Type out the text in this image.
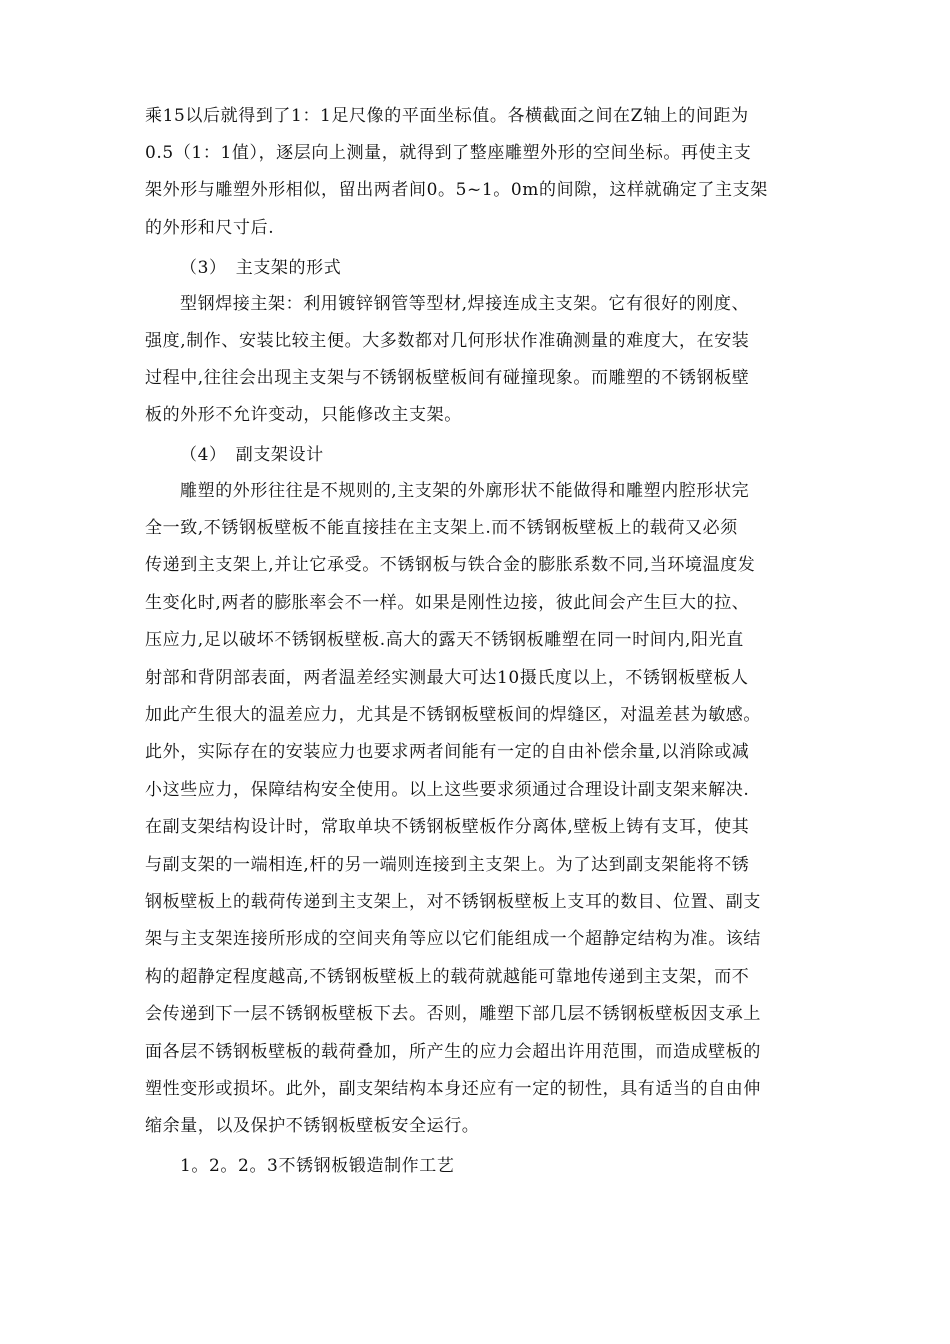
乘15以后就得到了1：1足尺像的平面坐标值。各横截面之间在Z轴上的间距为
0.5（1：1值），逐层向上测量，就得到了整座雕塑外形的空间坐标。再使主支
架外形与雕塑外形相似，留出两者间0。5~1。0m的间隙，这样就确定了主支架
的外形和尺寸后.
（3）　主支架的形式
型钢焊接主架：利用镀锌钢管等型材,焊接连成主支架。它有很好的刚度、
强度,制作、安装比较主便。大多数都对几何形状作准确测量的难度大，在安装
过程中,往往会出现主支架与不锈钢板壁板间有碰撞现象。而雕塑的不锈钢板壁
板的外形不允许变动，只能修改主支架。
（4）　副支架设计
雕塑的外形往往是不规则的,主支架的外廓形状不能做得和雕塑内腔形状完
全一致,不锈钢板壁板不能直接挂在主支架上.而不锈钢板壁板上的载荷又必须
传递到主支架上,并让它承受。不锈钢板与铁合金的膨胀系数不同,当环境温度发
生变化时,两者的膨胀率会不一样。如果是刚性边接，彼此间会产生巨大的拉、
压应力,足以破坏不锈钢板壁板.高大的露天不锈钢板雕塑在同一时间内,阳光直
射部和背阴部表面，两者温差经实测最大可达10摄氏度以上，不锈钢板壁板人
加此产生很大的温差应力，尤其是不锈钢板壁板间的焊缝区，对温差甚为敏感。
此外，实际存在的安装应力也要求两者间能有一定的自由补偿余量,以消除或减
小这些应力，保障结构安全使用。以上这些要求须通过合理设计副支架来解决.
在副支架结构设计时，常取单块不锈钢板壁板作分离体,壁板上铸有支耳，使其
与副支架的一端相连,杆的另一端则连接到主支架上。为了达到副支架能将不锈
钢板壁板上的载荷传递到主支架上，对不锈钢板壁板上支耳的数目、位置、副支
架与主支架连接所形成的空间夹角等应以它们能组成一个超静定结构为准。该结
构的超静定程度越高,不锈钢板壁板上的载荷就越能可靠地传递到主支架，而不
会传递到下一层不锈钢板壁板下去。否则，雕塑下部几层不锈钢板壁板因支承上
面各层不锈钢板壁板的载荷叠加，所产生的应力会超出许用范围，而造成壁板的
塑性变形或损坏。此外，副支架结构本身还应有一定的韧性，具有适当的自由伸
缩余量，以及保护不锈钢板壁板安全运行。
1。2。2。3不锈钢板锻造制作工艺
